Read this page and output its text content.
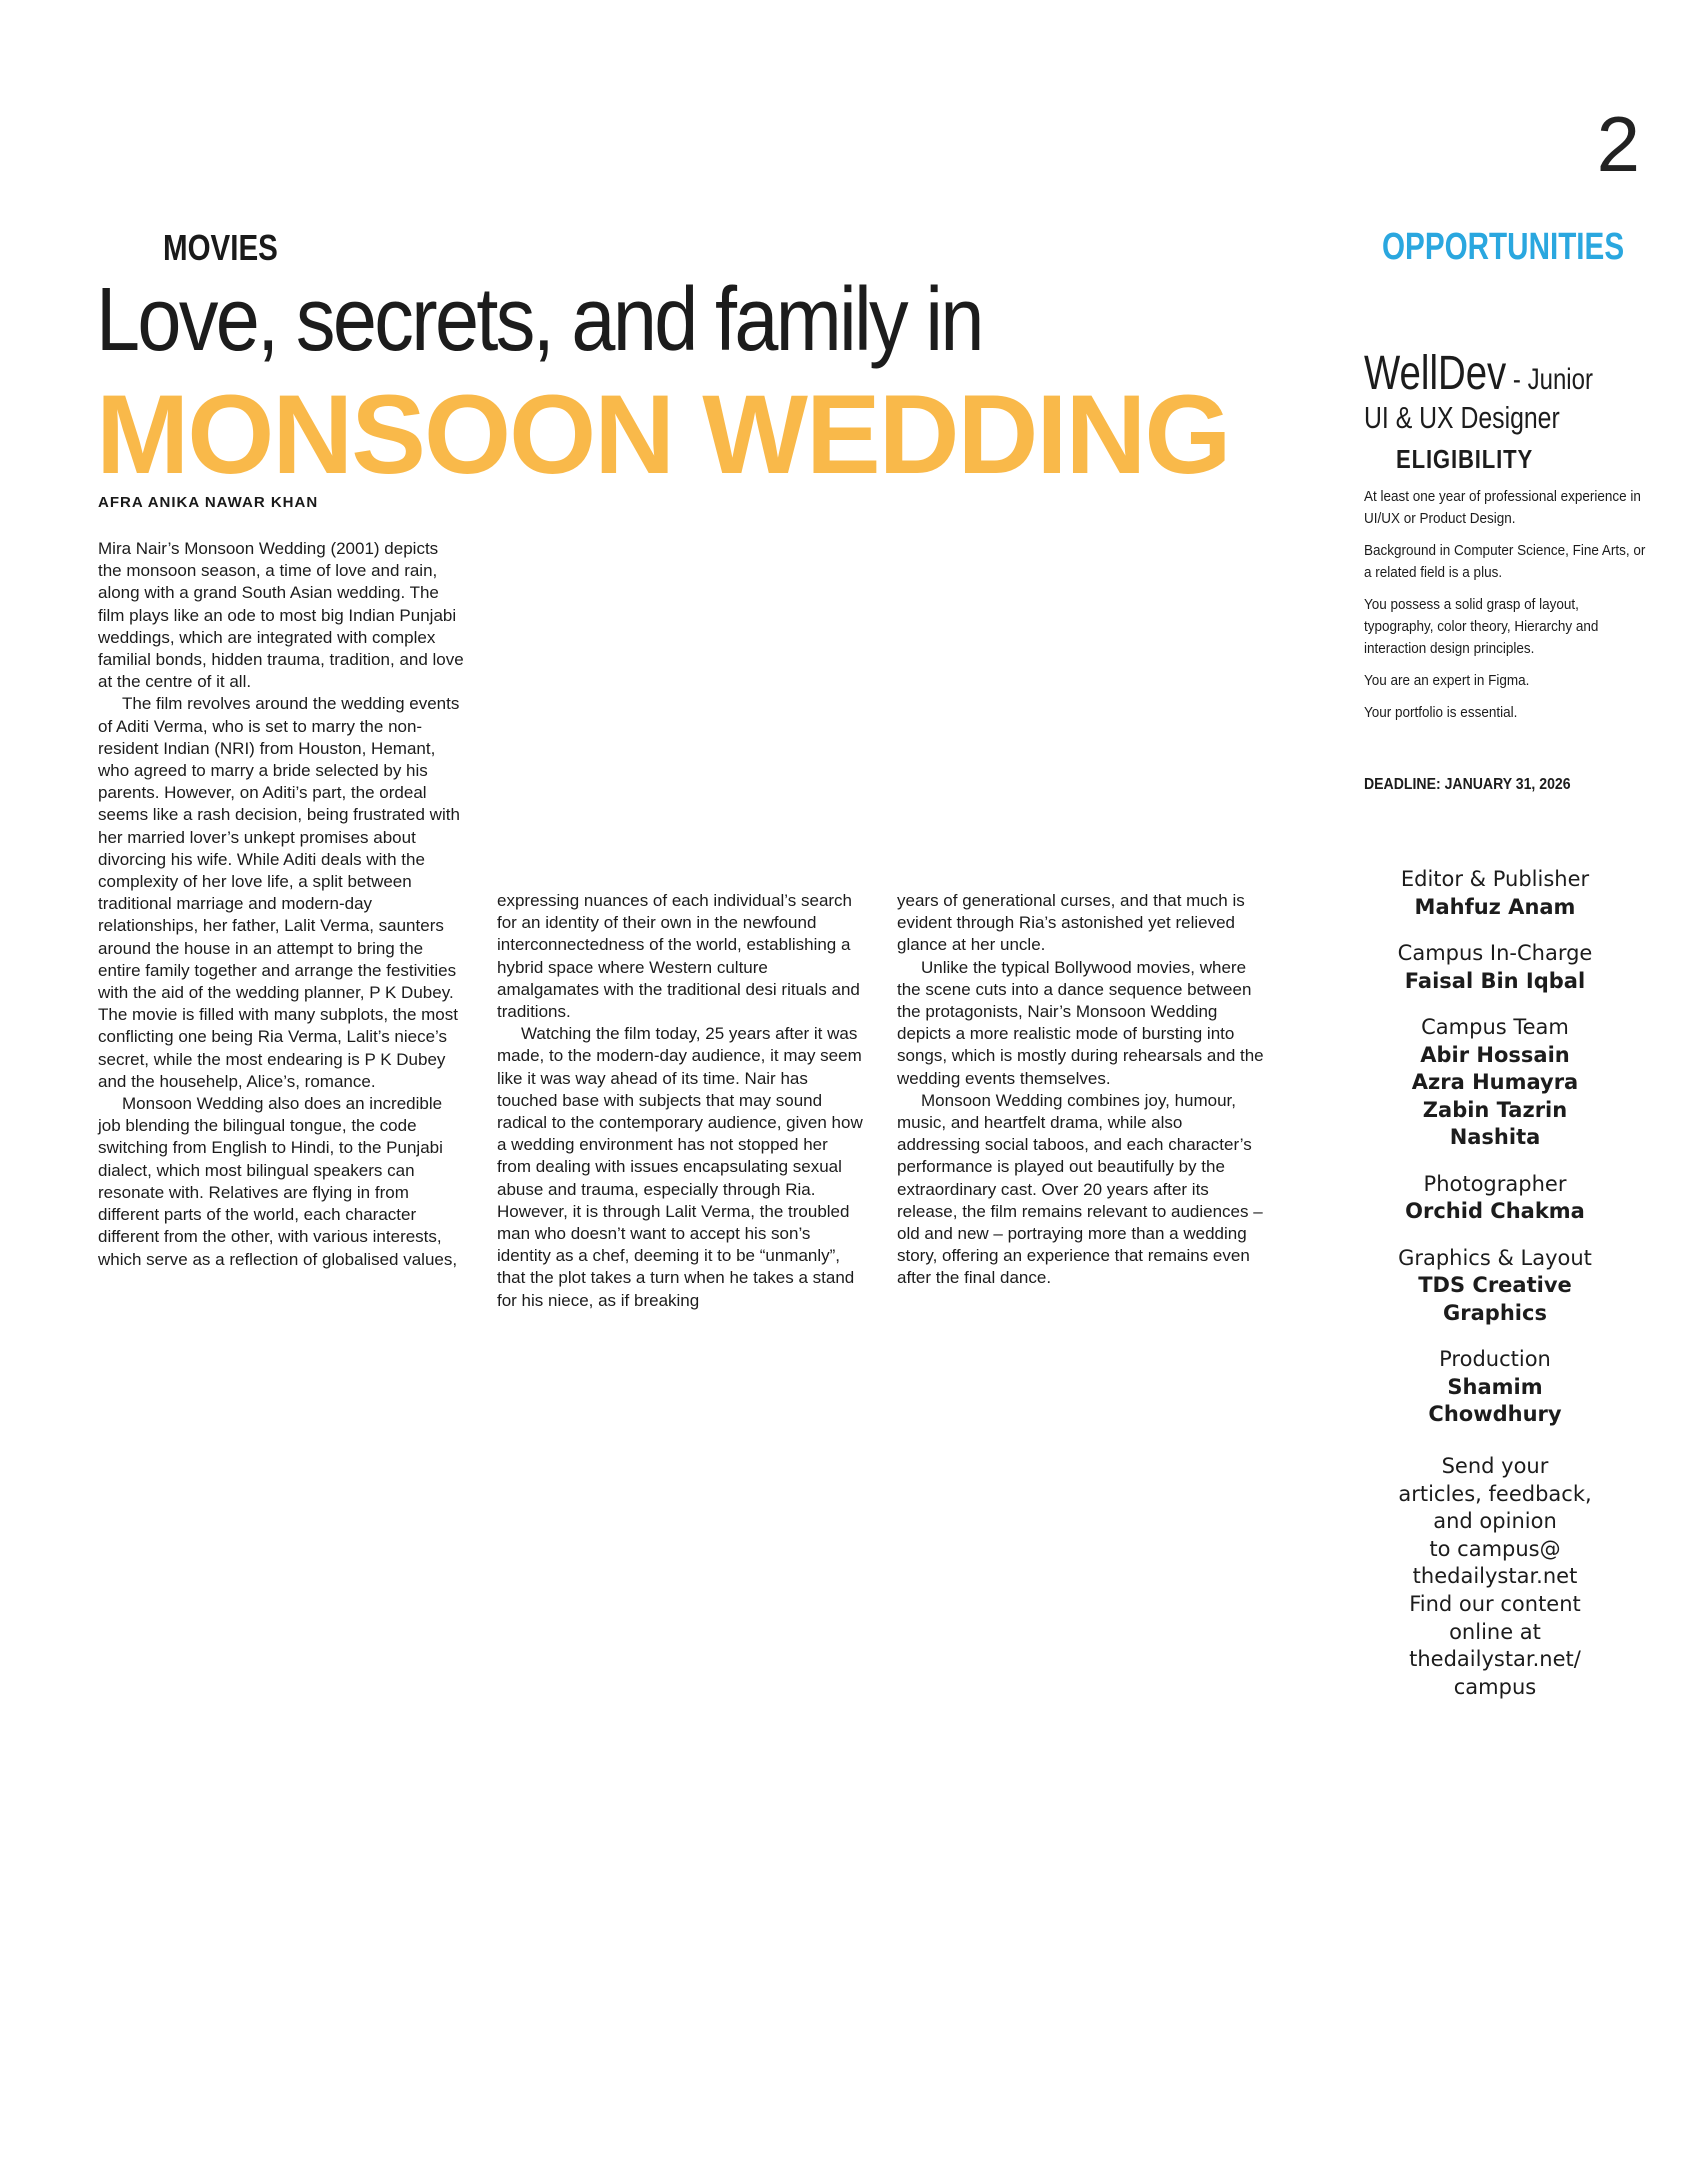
2
MOVIES
Love, secrets, and family in
MONSOON WEDDING
AFRA ANIKA NAWAR KHAN

Mira Nair’s Monsoon Wedding (2001) depicts the monsoon season, a time of love and rain, along with a grand South Asian wedding. The film plays like an ode to most big Indian Punjabi weddings, which are integrated with complex familial bonds, hidden trauma, tradition, and love at the centre of it all.

The film revolves around the wedding events of Aditi Verma, who is set to marry the non-resident Indian (NRI) from Houston, Hemant, who agreed to marry a bride selected by his parents. However, on Aditi’s part, the ordeal seems like a rash decision, being frustrated with her married lover’s unkept promises about divorcing his wife. While Aditi deals with the complexity of her love life, a split between traditional marriage and modern-day relationships, her father, Lalit Verma, saunters around the house in an attempt to bring the entire family together and arrange the festivities with the aid of the wedding planner, P K Dubey. The movie is filled with many subplots, the most conflicting one being Ria Verma, Lalit’s niece’s secret, while the most endearing is P K Dubey and the househelp, Alice’s, romance.

Monsoon Wedding also does an incredible job blending the bilingual tongue, the code switching from English to Hindi, to the Punjabi dialect, which most bilingual speakers can resonate with. Relatives are flying in from different parts of the world, each character different from the other, with various interests, which serve as a reflection of globalised values,

expressing nuances of each individual’s search for an identity of their own in the newfound interconnectedness of the world, establishing a hybrid space where Western culture amalgamates with the traditional desi rituals and traditions.

Watching the film today, 25 years after it was made, to the modern-day audience, it may seem like it was way ahead of its time. Nair has touched base with subjects that may sound radical to the contemporary audience, given how a wedding environment has not stopped her from dealing with issues encapsulating sexual abuse and trauma, especially through Ria. However, it is through Lalit Verma, the troubled man who doesn’t want to accept his son’s identity as a chef, deeming it to be “unmanly”, that the plot takes a turn when he takes a stand for his niece, as if breaking

years of generational curses, and that much is evident through Ria’s astonished yet relieved glance at her uncle.

Unlike the typical Bollywood movies, where the scene cuts into a dance sequence between the protagonists, Nair’s Monsoon Wedding depicts a more realistic mode of bursting into songs, which is mostly during rehearsals and the wedding events themselves.

Monsoon Wedding combines joy, humour, music, and heartfelt drama, while also addressing social taboos, and each character’s performance is played out beautifully by the extraordinary cast. Over 20 years after its release, the film remains relevant to audiences – old and new – portraying more than a wedding story, offering an experience that remains even after the final dance.

OPPORTUNITIES
WellDev - Junior
UI & UX Designer
ELIGIBILITY

At least one year of professional experience in UI/UX or Product Design.

Background in Computer Science, Fine Arts, or a related field is a plus.

You possess a solid grasp of layout, typography, color theory, Hierarchy and interaction design principles.

You are an expert in Figma.

Your portfolio is essential.

DEADLINE: JANUARY 31, 2026
Editor & Publisher
Mahfuz Anam
Campus In-Charge
Faisal Bin Iqbal
Campus Team
Abir Hossain
Azra Humayra
Zabin Tazrin
Nashita
Photographer
Orchid Chakma
Graphics & Layout
TDS Creative
Graphics
Production
Shamim
Chowdhury

Send your

articles, feedback,

and opinion

to campus@

thedailystar.net

Find our content

online at

thedailystar.net/

campus
